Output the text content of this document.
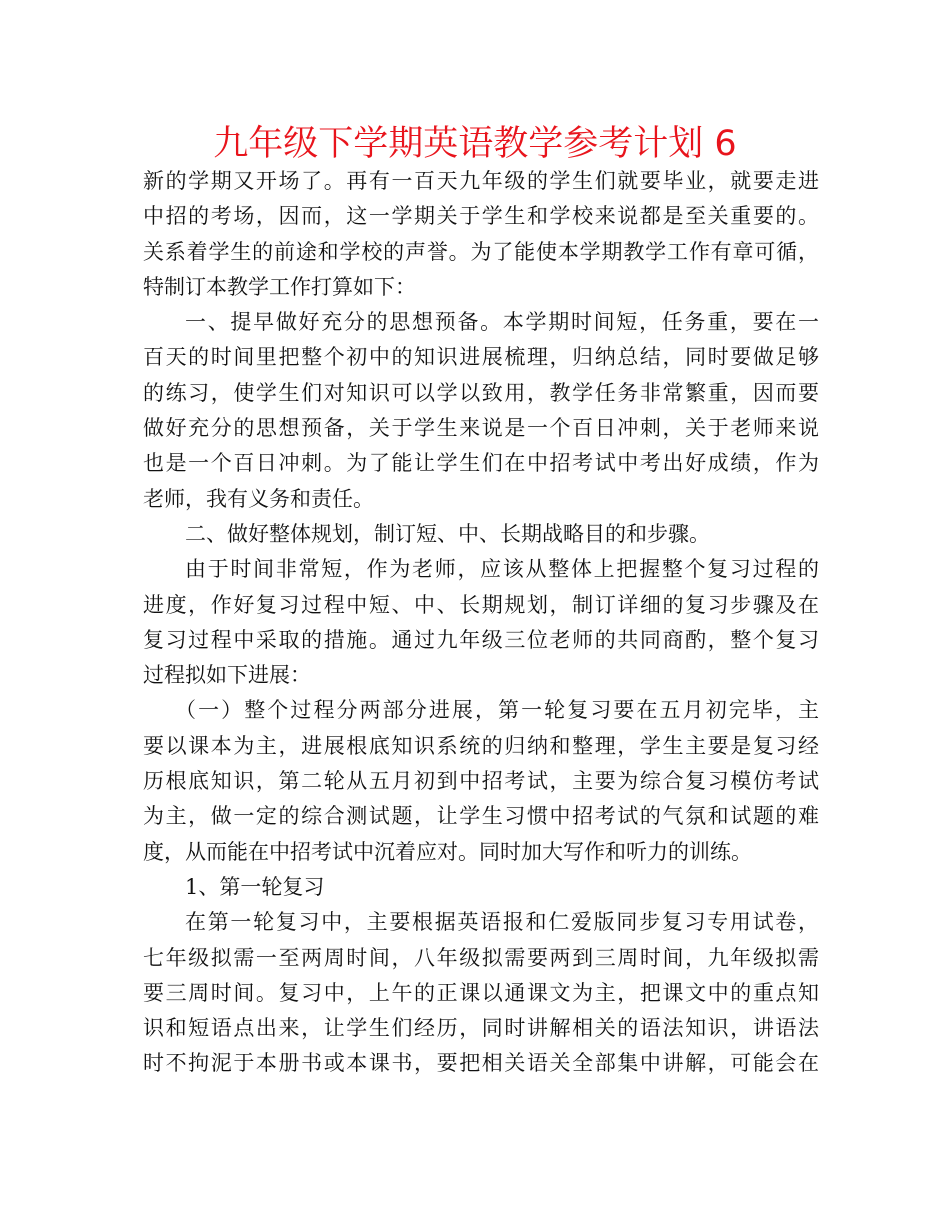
九年级下学期英语教学参考计划 6
新的学期又开场了。再有一百天九年级的学生们就要毕业，就要走进
中招的考场，因而，这一学期关于学生和学校来说都是至关重要的。
关系着学生的前途和学校的声誉。为了能使本学期教学工作有章可循，
特制订本教学工作打算如下：
一、提早做好充分的思想预备。本学期时间短，任务重，要在一
百天的时间里把整个初中的知识进展梳理，归纳总结，同时要做足够
的练习，使学生们对知识可以学以致用，教学任务非常繁重，因而要
做好充分的思想预备，关于学生来说是一个百日冲刺，关于老师来说
也是一个百日冲刺。为了能让学生们在中招考试中考出好成绩，作为
老师，我有义务和责任。
二、做好整体规划，制订短、中、长期战略目的和步骤。
由于时间非常短，作为老师，应该从整体上把握整个复习过程的
进度，作好复习过程中短、中、长期规划，制订详细的复习步骤及在
复习过程中采取的措施。通过九年级三位老师的共同商酌，整个复习
过程拟如下进展：
（一）整个过程分两部分进展，第一轮复习要在五月初完毕，主
要以课本为主，进展根底知识系统的归纳和整理，学生主要是复习经
历根底知识，第二轮从五月初到中招考试，主要为综合复习模仿考试
为主，做一定的综合测试题，让学生习惯中招考试的气氛和试题的难
度，从而能在中招考试中沉着应对。同时加大写作和听力的训练。
1、第一轮复习
在第一轮复习中，主要根据英语报和仁爱版同步复习专用试卷，
七年级拟需一至两周时间，八年级拟需要两到三周时间，九年级拟需
要三周时间。复习中，上午的正课以通课文为主，把课文中的重点知
识和短语点出来，让学生们经历，同时讲解相关的语法知识，讲语法
时不拘泥于本册书或本课书，要把相关语关全部集中讲解，可能会在
